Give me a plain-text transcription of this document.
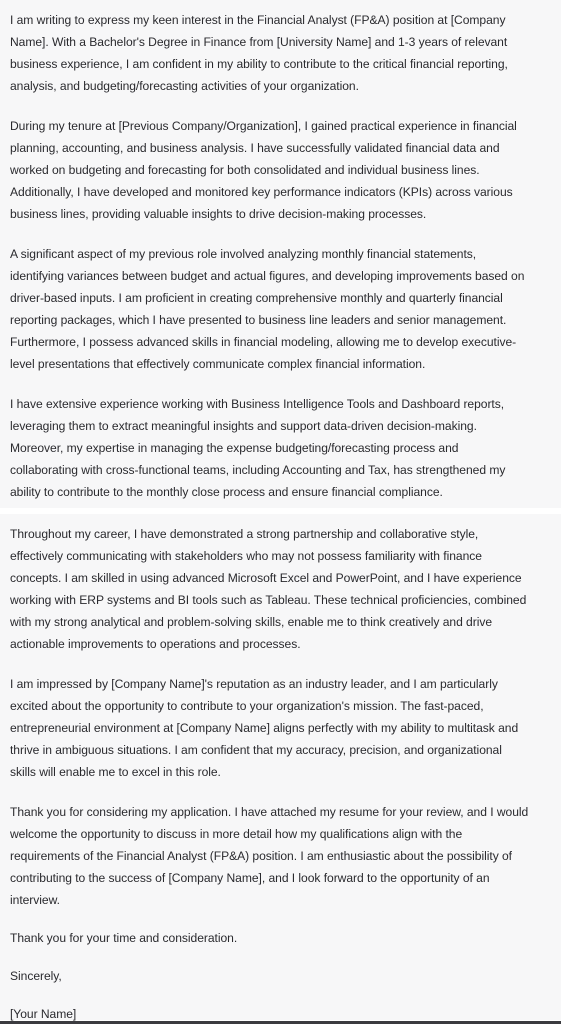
I am writing to express my keen interest in the Financial Analyst (FP&A) position at [Company
Name]. With a Bachelor's Degree in Finance from [University Name] and 1-3 years of relevant
business experience, I am confident in my ability to contribute to the critical financial reporting,
analysis, and budgeting/forecasting activities of your organization.

During my tenure at [Previous Company/Organization], I gained practical experience in financial
planning, accounting, and business analysis. I have successfully validated financial data and
worked on budgeting and forecasting for both consolidated and individual business lines.
Additionally, I have developed and monitored key performance indicators (KPIs) across various
business lines, providing valuable insights to drive decision-making processes.

A significant aspect of my previous role involved analyzing monthly financial statements,
identifying variances between budget and actual figures, and developing improvements based on
driver-based inputs. I am proficient in creating comprehensive monthly and quarterly financial
reporting packages, which I have presented to business line leaders and senior management.
Furthermore, I possess advanced skills in financial modeling, allowing me to develop executive-
level presentations that effectively communicate complex financial information.

I have extensive experience working with Business Intelligence Tools and Dashboard reports,
leveraging them to extract meaningful insights and support data-driven decision-making.
Moreover, my expertise in managing the expense budgeting/forecasting process and
collaborating with cross-functional teams, including Accounting and Tax, has strengthened my
ability to contribute to the monthly close process and ensure financial compliance.

Throughout my career, I have demonstrated a strong partnership and collaborative style,
effectively communicating with stakeholders who may not possess familiarity with finance
concepts. I am skilled in using advanced Microsoft Excel and PowerPoint, and I have experience
working with ERP systems and BI tools such as Tableau. These technical proficiencies, combined
with my strong analytical and problem-solving skills, enable me to think creatively and drive
actionable improvements to operations and processes.

I am impressed by [Company Name]'s reputation as an industry leader, and I am particularly
excited about the opportunity to contribute to your organization's mission. The fast-paced,
entrepreneurial environment at [Company Name] aligns perfectly with my ability to multitask and
thrive in ambiguous situations. I am confident that my accuracy, precision, and organizational
skills will enable me to excel in this role.

Thank you for considering my application. I have attached my resume for your review, and I would
welcome the opportunity to discuss in more detail how my qualifications align with the
requirements of the Financial Analyst (FP&A) position. I am enthusiastic about the possibility of
contributing to the success of [Company Name], and I look forward to the opportunity of an
interview.

Thank you for your time and consideration.

Sincerely,

[Your Name]
